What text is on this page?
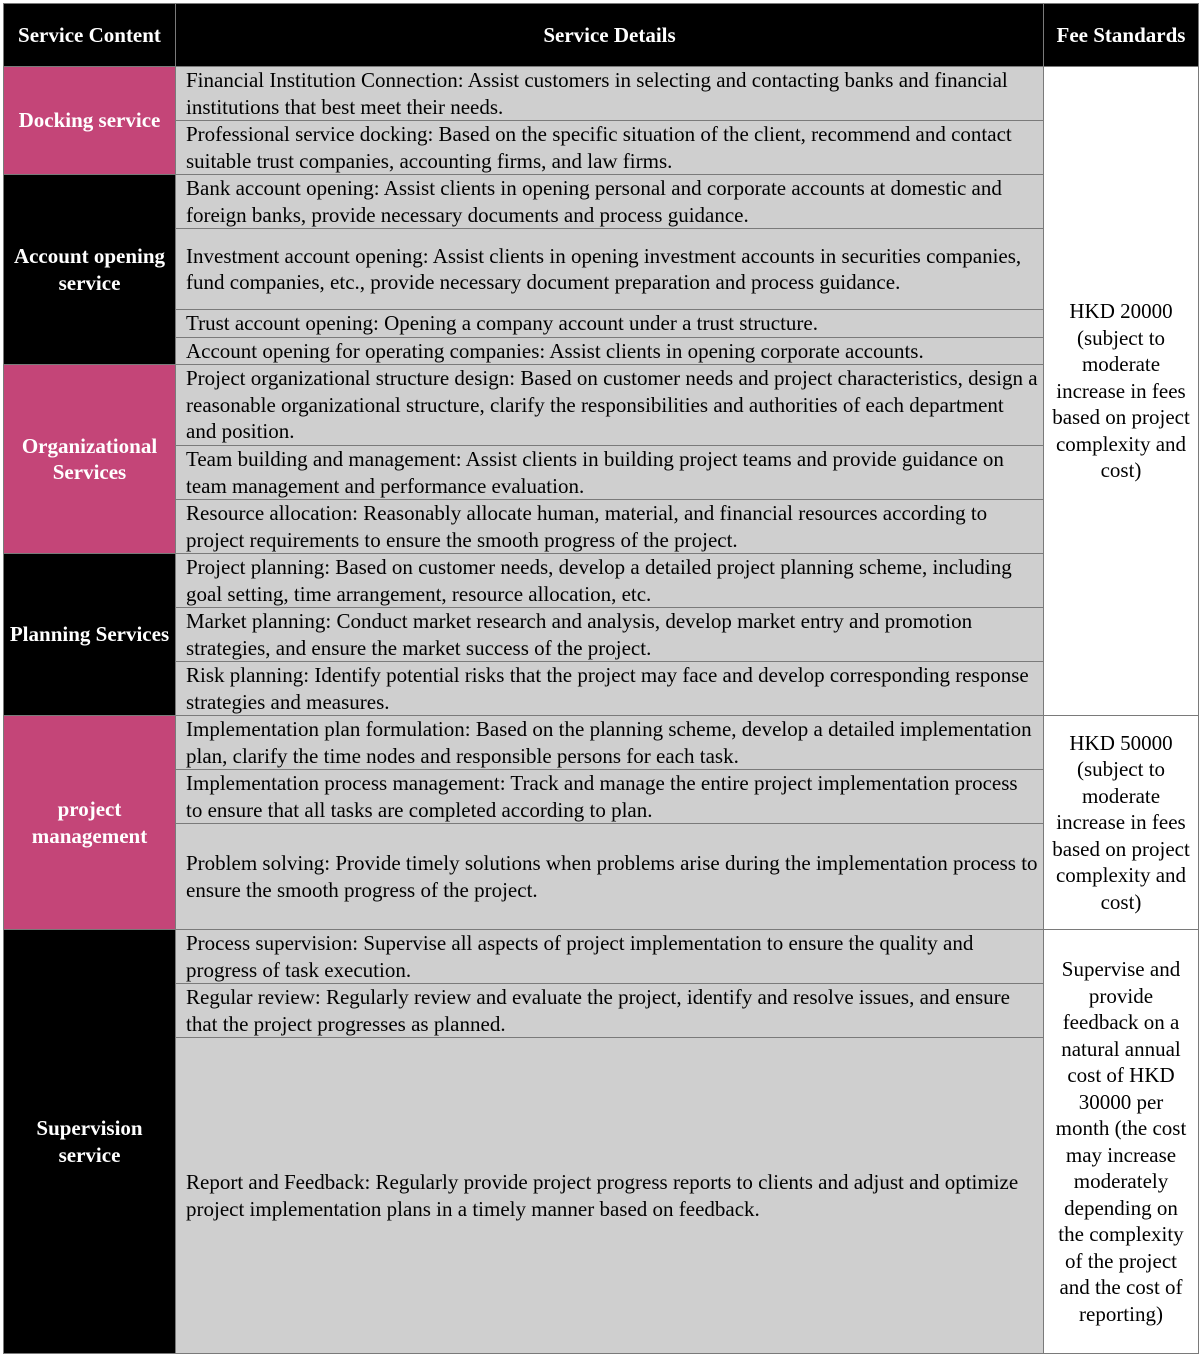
Service Content	Service Details	Fee Standards
Docking service	Financial Institution Connection: Assist customers in selecting and contacting banks and financial institutions that best meet their needs.	HKD 20000 (subject to moderate increase in fees based on project complexity and cost)
	Professional service docking: Based on the specific situation of the client, recommend and contact suitable trust companies, accounting firms, and law firms.	
Account opening service	Bank account opening: Assist clients in opening personal and corporate accounts at domestic and foreign banks, provide necessary documents and process guidance.	
	Investment account opening: Assist clients in opening investment accounts in securities companies, fund companies, etc., provide necessary document preparation and process guidance.	
	Trust account opening: Opening a company account under a trust structure.	
	Account opening for operating companies: Assist clients in opening corporate accounts.	
Organizational Services	Project organizational structure design: Based on customer needs and project characteristics, design a reasonable organizational structure, clarify the responsibilities and authorities of each department and position.	
	Team building and management: Assist clients in building project teams and provide guidance on team management and performance evaluation.	
	Resource allocation: Reasonably allocate human, material, and financial resources according to project requirements to ensure the smooth progress of the project.	
Planning Services	Project planning: Based on customer needs, develop a detailed project planning scheme, including goal setting, time arrangement, resource allocation, etc.	
	Market planning: Conduct market research and analysis, develop market entry and promotion strategies, and ensure the market success of the project.	
	Risk planning: Identify potential risks that the project may face and develop corresponding response strategies and measures.	
project management	Implementation plan formulation: Based on the planning scheme, develop a detailed implementation plan, clarify the time nodes and responsible persons for each task.	HKD 50000 (subject to moderate increase in fees based on project complexity and cost)
	Implementation process management: Track and manage the entire project implementation process to ensure that all tasks are completed according to plan.	
	Problem solving: Provide timely solutions when problems arise during the implementation process to ensure the smooth progress of the project.	
Supervision service	Process supervision: Supervise all aspects of project implementation to ensure the quality and progress of task execution.	Supervise and provide feedback on a natural annual cost of HKD 30000 per month (the cost may increase moderately depending on the complexity of the project and the cost of reporting)
	Regular review: Regularly review and evaluate the project, identify and resolve issues, and ensure that the project progresses as planned.	
	Report and Feedback: Regularly provide project progress reports to clients and adjust and optimize project implementation plans in a timely manner based on feedback.	
